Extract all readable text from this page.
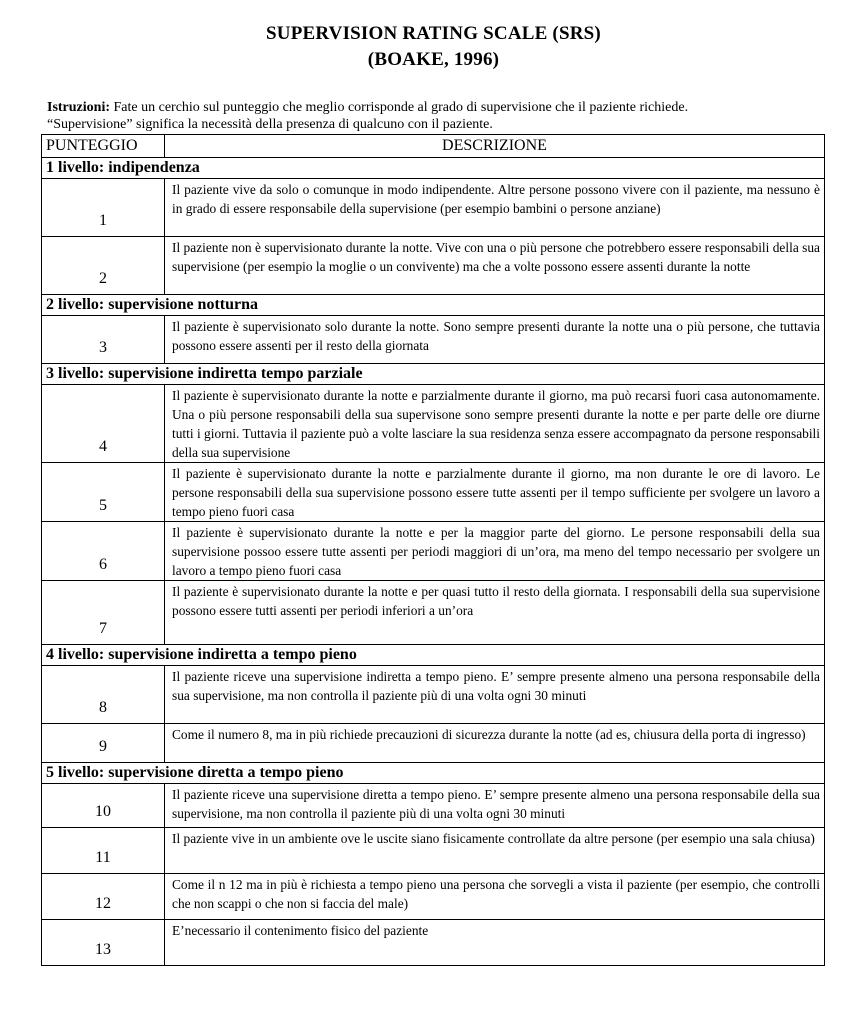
SUPERVISION RATING SCALE (SRS)
(BOAKE, 1996)
Istruzioni: Fate un cerchio sul punteggio che meglio corrisponde al grado di supervisione che il paziente richiede.
“Supervisione” significa la necessità della presenza di qualcuno con il paziente.
PUNTEGGIO	DESCRIZIONE
1 livello: indipendenza	
1	Il paziente vive da solo o comunque in modo indipendente. Altre persone possono vivere con il paziente, ma nessuno è in grado di essere responsabile della supervisione (per esempio bambini o persone anziane)
2	Il paziente non è supervisionato durante la notte. Vive con una o più persone che potrebbero essere responsabili della sua supervisione (per esempio la moglie o un convivente) ma che a volte possono essere assenti durante la notte
2 livello: supervisione notturna	
3	Il paziente è supervisionato solo durante la notte. Sono sempre presenti durante la notte una o più persone, che tuttavia possono essere assenti per il resto della giornata
3 livello: supervisione indiretta tempo parziale	
4	Il paziente è supervisionato durante la notte e parzialmente durante il giorno, ma può recarsi fuori casa autonomamente. Una o più persone responsabili della sua supervisone sono sempre presenti durante la notte e per parte delle ore diurne tutti i giorni. Tuttavia il paziente può a volte lasciare la sua residenza senza essere accompagnato da persone responsabili della sua supervisione
5	Il paziente è supervisionato durante la notte e parzialmente durante il giorno, ma non durante le ore di lavoro. Le persone responsabili della sua supervisione possono essere tutte assenti per il tempo sufficiente per svolgere un lavoro a tempo pieno fuori casa
6	Il paziente è supervisionato durante la notte e per la maggior parte del giorno. Le persone responsabili della sua supervisione possoo essere tutte assenti per periodi maggiori di un’ora, ma meno del tempo necessario per svolgere un lavoro a tempo pieno fuori casa
7	Il paziente è supervisionato durante la notte e per quasi tutto il resto della giornata. I responsabili della sua supervisione possono essere tutti assenti per periodi inferiori a un’ora
4 livello: supervisione indiretta a tempo pieno	
8	Il paziente riceve una supervisione indiretta a tempo pieno. E’ sempre presente almeno una persona responsabile della sua supervisione, ma non controlla il paziente più di una volta ogni 30 minuti
9	Come il numero 8, ma in più richiede precauzioni di sicurezza durante la notte (ad es, chiusura della porta di ingresso)
5 livello: supervisione diretta a tempo pieno	
10	Il paziente riceve una supervisione diretta a tempo pieno. E’ sempre presente almeno una persona responsabile della sua supervisione, ma non controlla il paziente più di una volta ogni 30 minuti
11	Il paziente vive in un ambiente ove le uscite siano fisicamente controllate da altre persone (per esempio una sala chiusa)
12	Come il n 12 ma in più è richiesta a tempo pieno una persona che sorvegli a vista il paziente (per esempio, che controlli che non scappi o che non si faccia del male)
13	E’necessario il contenimento fisico del paziente
